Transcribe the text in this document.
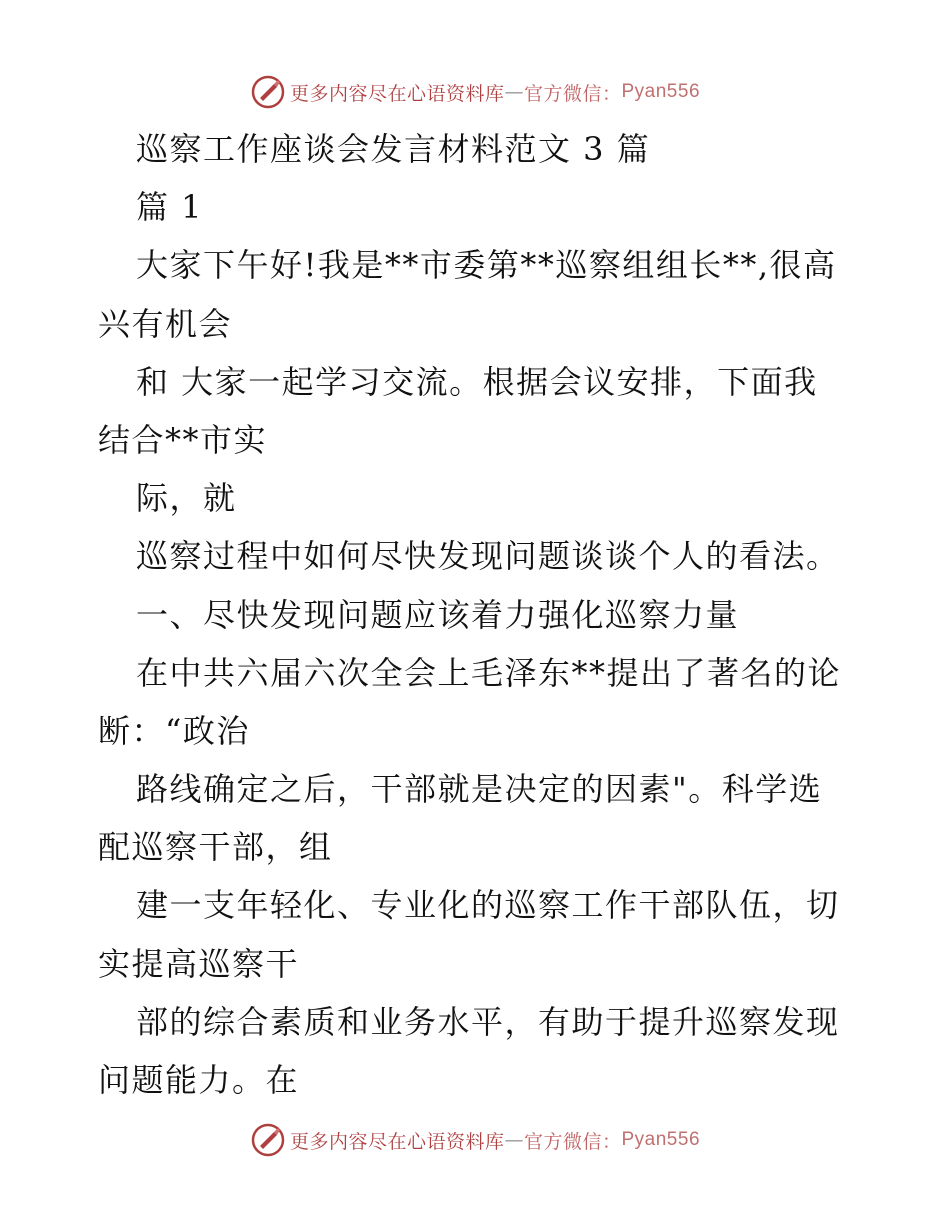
更多内容尽在心语资料库 — 官方微信： Pyan556
巡察工作座谈会发言材料范文 3 篇
篇 1
大家下午好!我是**市委第**巡察组组长**,很高
兴有机会
和 大家一起学习交流。根据会议安排，下面我
结合**市实
际，就
巡察过程中如何尽快发现问题谈谈个人的看法。
一、尽快发现问题应该着力强化巡察力量
在中共六届六次全会上毛泽东**提出了著名的论
断：“政治
路线确定之后，干部就是决定的因素"。科学选
配巡察干部，组
建一支年轻化、专业化的巡察工作干部队伍，切
实提高巡察干
部的综合素质和业务水平，有助于提升巡察发现
问题能力。在
更多内容尽在心语资料库 — 官方微信： Pyan556
